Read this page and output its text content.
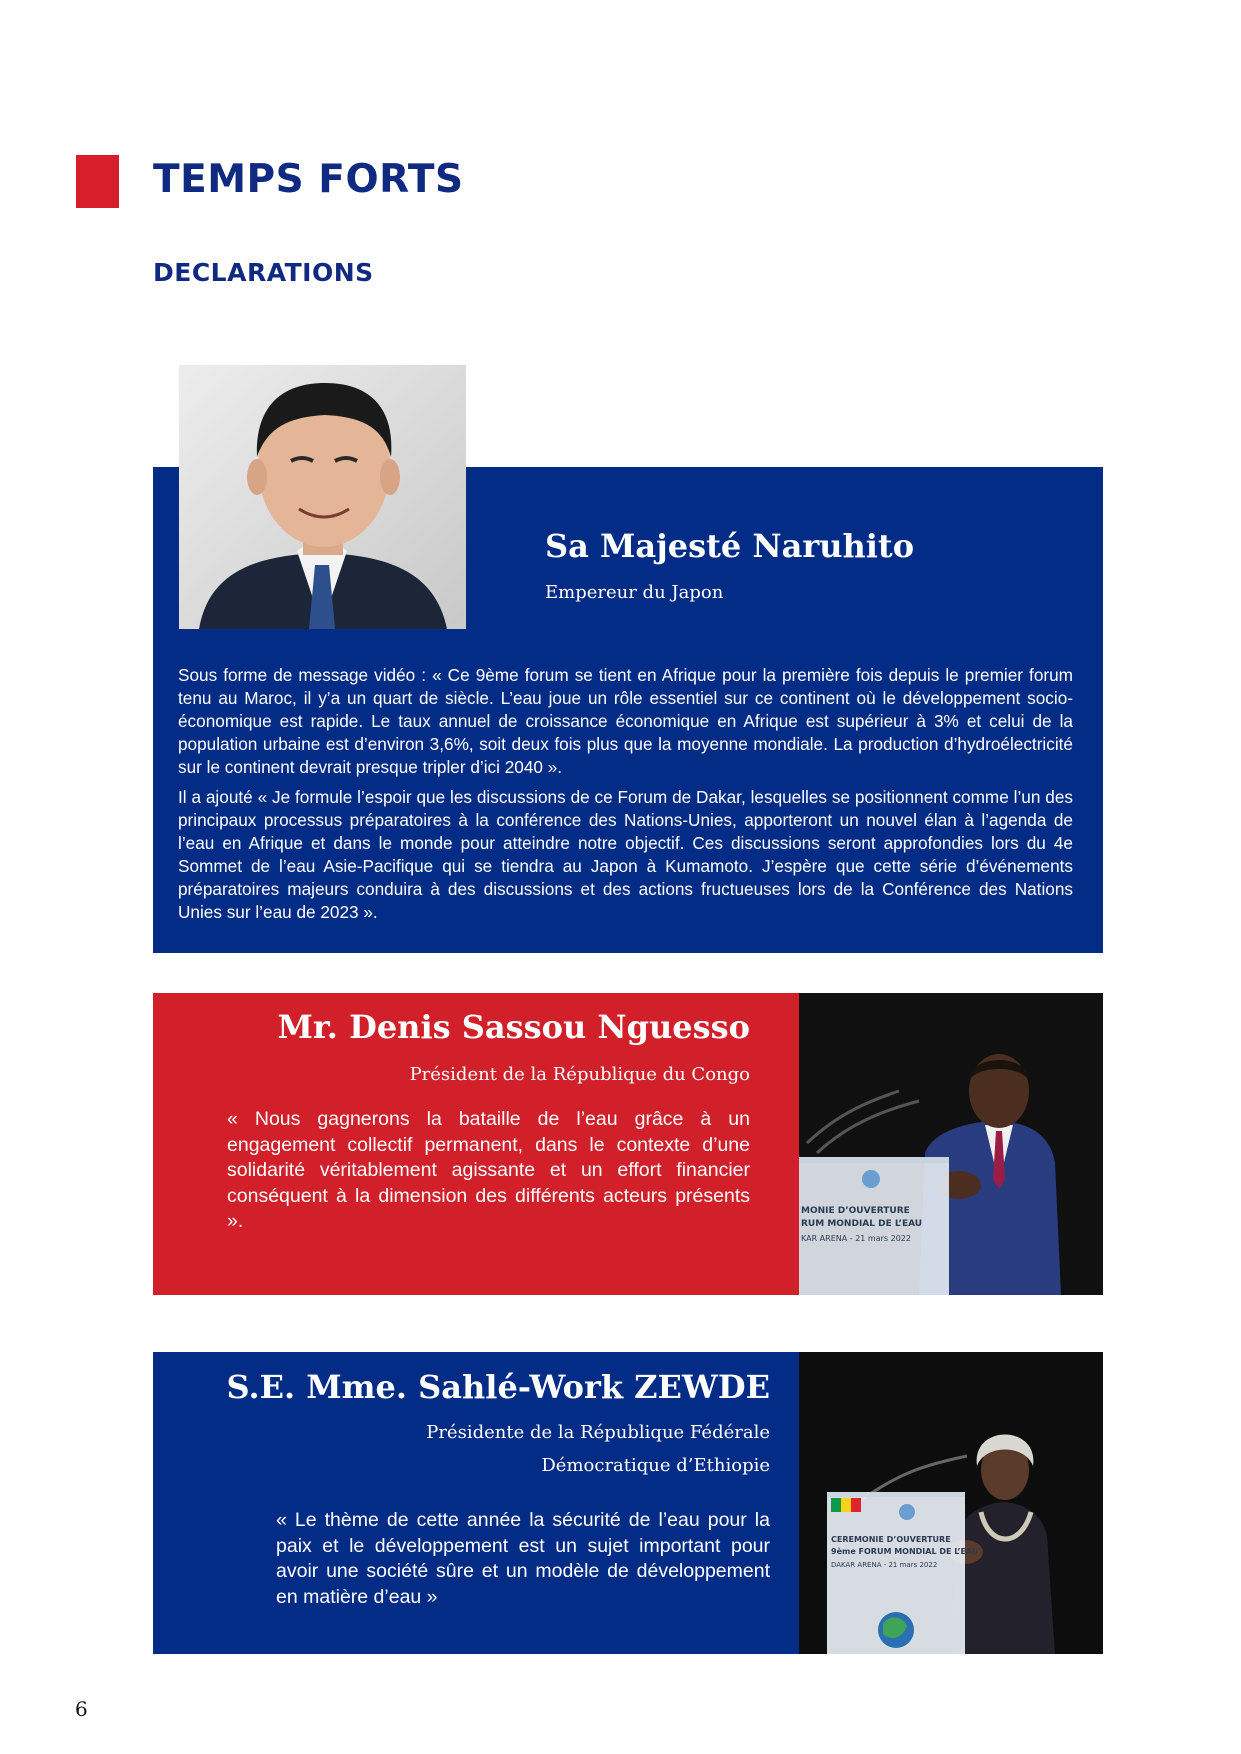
TEMPS FORTS
DECLARATIONS
Sa Majesté Naruhito

Empereur du Japon

Sous forme de message vidéo : « Ce 9ème forum se tient en Afrique pour la première fois depuis le premier forum tenu au Maroc, il y’a un quart de siècle. L’eau joue un rôle essentiel sur ce continent où le développement socio-économique est rapide. Le taux annuel de croissance économique en Afrique est supérieur à 3% et celui de la population urbaine est d’environ 3,6%, soit deux fois plus que la moyenne mondiale. La production d’hydroélectricité sur le continent devrait presque tripler d’ici 2040 ».

Il a ajouté « Je formule l’espoir que les discussions de ce Forum de Dakar, lesquelles se positionnent comme l’un des principaux processus préparatoires à la conférence des Nations-Unies, apporteront un nouvel élan à l’agenda de l’eau en Afrique et dans le monde pour atteindre notre objectif. Ces discussions seront approfondies lors du 4e Sommet de l’eau Asie-Pacifique qui se tiendra au Japon à Kumamoto. J’espère que cette série d’événements préparatoires majeurs conduira à des discussions et des actions fructueuses lors de la Conférence des Nations Unies sur l’eau de 2023 ».

Mr. Denis Sassou Nguesso

Président de la République du Congo

« Nous gagnerons la bataille de l’eau grâce à un engagement collectif permanent, dans le contexte d’une solidarité véritablement agissante et un effort financier conséquent à la dimension des différents acteurs présents ».	MONIE D’OUVERTURE RUM MONDIAL DE L’EAU KAR ARENA - 21 mars 2022
S.E. Mme. Sahlé-Work ZEWDE

Présidente de la République Fédérale

Démocratique d’Ethiopie

« Le thème de cette année la sécurité de l’eau pour la paix et le développement est un sujet important pour avoir une société sûre et un modèle de développement en matière d’eau »

CEREMONIE D’OUVERTURE 9ème FORUM MONDIAL DE L’EAU DAKAR ARENA - 21 mars 2022

6
